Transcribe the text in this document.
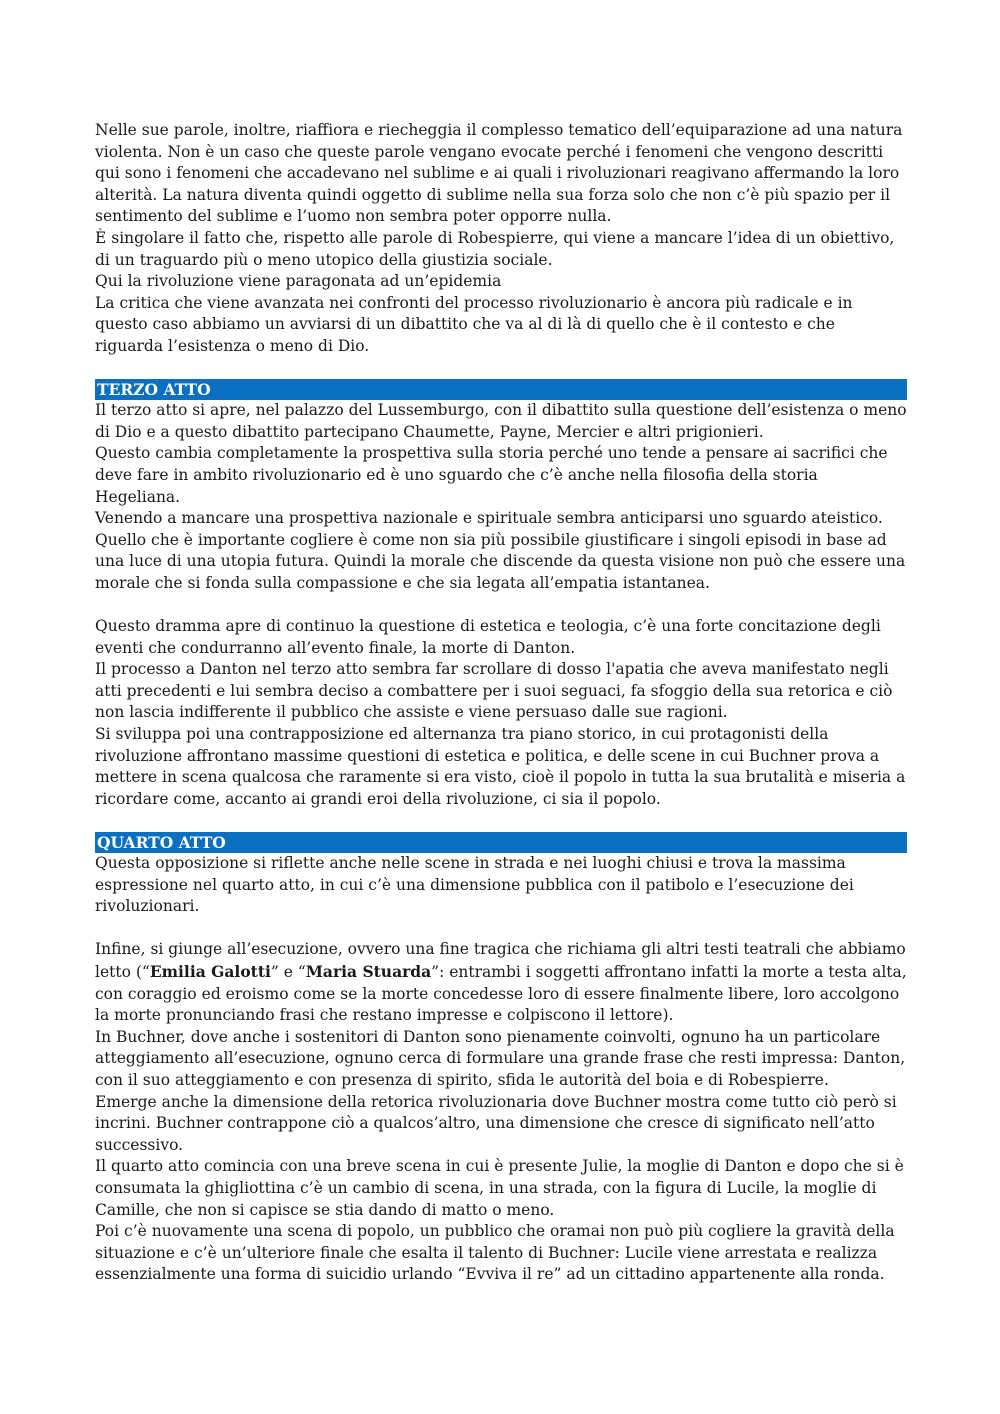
Nelle sue parole, inoltre, riaffiora e riecheggia il complesso tematico dell’equiparazione ad una natura violenta. Non è un caso che queste parole vengano evocate perché i fenomeni che vengono descritti qui sono i fenomeni che accadevano nel sublime e ai quali i rivoluzionari reagivano affermando la loro alterità. La natura diventa quindi oggetto di sublime nella sua forza solo che non c’è più spazio per il sentimento del sublime e l’uomo non sembra poter opporre nulla.

È singolare il fatto che, rispetto alle parole di Robespierre, qui viene a mancare l’idea di un obiettivo, di un traguardo più o meno utopico della giustizia sociale.

Qui la rivoluzione viene paragonata ad un’epidemia

La critica che viene avanzata nei confronti del processo rivoluzionario è ancora più radicale e in questo caso abbiamo un avviarsi di un dibattito che va al di là di quello che è il contesto e che riguarda l’esistenza o meno di Dio.

TERZO ATTO

Il terzo atto si apre, nel palazzo del Lussemburgo, con il dibattito sulla questione dell’esistenza o meno di Dio e a questo dibattito partecipano Chaumette, Payne, Mercier e altri prigionieri.

Questo cambia completamente la prospettiva sulla storia perché uno tende a pensare ai sacrifici che deve fare in ambito rivoluzionario ed è uno sguardo che c’è anche nella filosofia della storia Hegeliana.

Venendo a mancare una prospettiva nazionale e spirituale sembra anticiparsi uno sguardo ateistico.

Quello che è importante cogliere è come non sia più possibile giustificare i singoli episodi in base ad una luce di una utopia futura. Quindi la morale che discende da questa visione non può che essere una morale che si fonda sulla compassione e che sia legata all’empatia istantanea.

Questo dramma apre di continuo la questione di estetica e teologia, c’è una forte concitazione degli eventi che condurranno all’evento finale, la morte di Danton.

Il processo a Danton nel terzo atto sembra far scrollare di dosso l'apatia che aveva manifestato negli atti precedenti e lui sembra deciso a combattere per i suoi seguaci, fa sfoggio della sua retorica e ciò non lascia indifferente il pubblico che assiste e viene persuaso dalle sue ragioni.

Si sviluppa poi una contrapposizione ed alternanza tra piano storico, in cui protagonisti della rivoluzione affrontano massime questioni di estetica e politica, e delle scene in cui Buchner prova a mettere in scena qualcosa che raramente si era visto, cioè il popolo in tutta la sua brutalità e miseria a ricordare come, accanto ai grandi eroi della rivoluzione, ci sia il popolo.

QUARTO ATTO

Questa opposizione si riflette anche nelle scene in strada e nei luoghi chiusi e trova la massima espressione nel quarto atto, in cui c’è una dimensione pubblica con il patibolo e l’esecuzione dei rivoluzionari.

Infine, si giunge all’esecuzione, ovvero una fine tragica che richiama gli altri testi teatrali che abbiamo letto (“Emilia Galotti” e “Maria Stuarda”: entrambi i soggetti affrontano infatti la morte a testa alta, con coraggio ed eroismo come se la morte concedesse loro di essere finalmente libere, loro accolgono la morte pronunciando frasi che restano impresse e colpiscono il lettore).

In Buchner, dove anche i sostenitori di Danton sono pienamente coinvolti, ognuno ha un particolare atteggiamento all’esecuzione, ognuno cerca di formulare una grande frase che resti impressa: Danton, con il suo atteggiamento e con presenza di spirito, sfida le autorità del boia e di Robespierre.

Emerge anche la dimensione della retorica rivoluzionaria dove Buchner mostra come tutto ciò però si incrini. Buchner contrappone ciò a qualcos’altro, una dimensione che cresce di significato nell’atto successivo.

Il quarto atto comincia con una breve scena in cui è presente Julie, la moglie di Danton e dopo che si è consumata la ghigliottina c’è un cambio di scena, in una strada, con la figura di Lucile, la moglie di Camille, che non si capisce se stia dando di matto o meno.

Poi c’è nuovamente una scena di popolo, un pubblico che oramai non può più cogliere la gravità della situazione e c’è un’ulteriore finale che esalta il talento di Buchner: Lucile viene arrestata e realizza essenzialmente una forma di suicidio urlando “Evviva il re” ad un cittadino appartenente alla ronda.
